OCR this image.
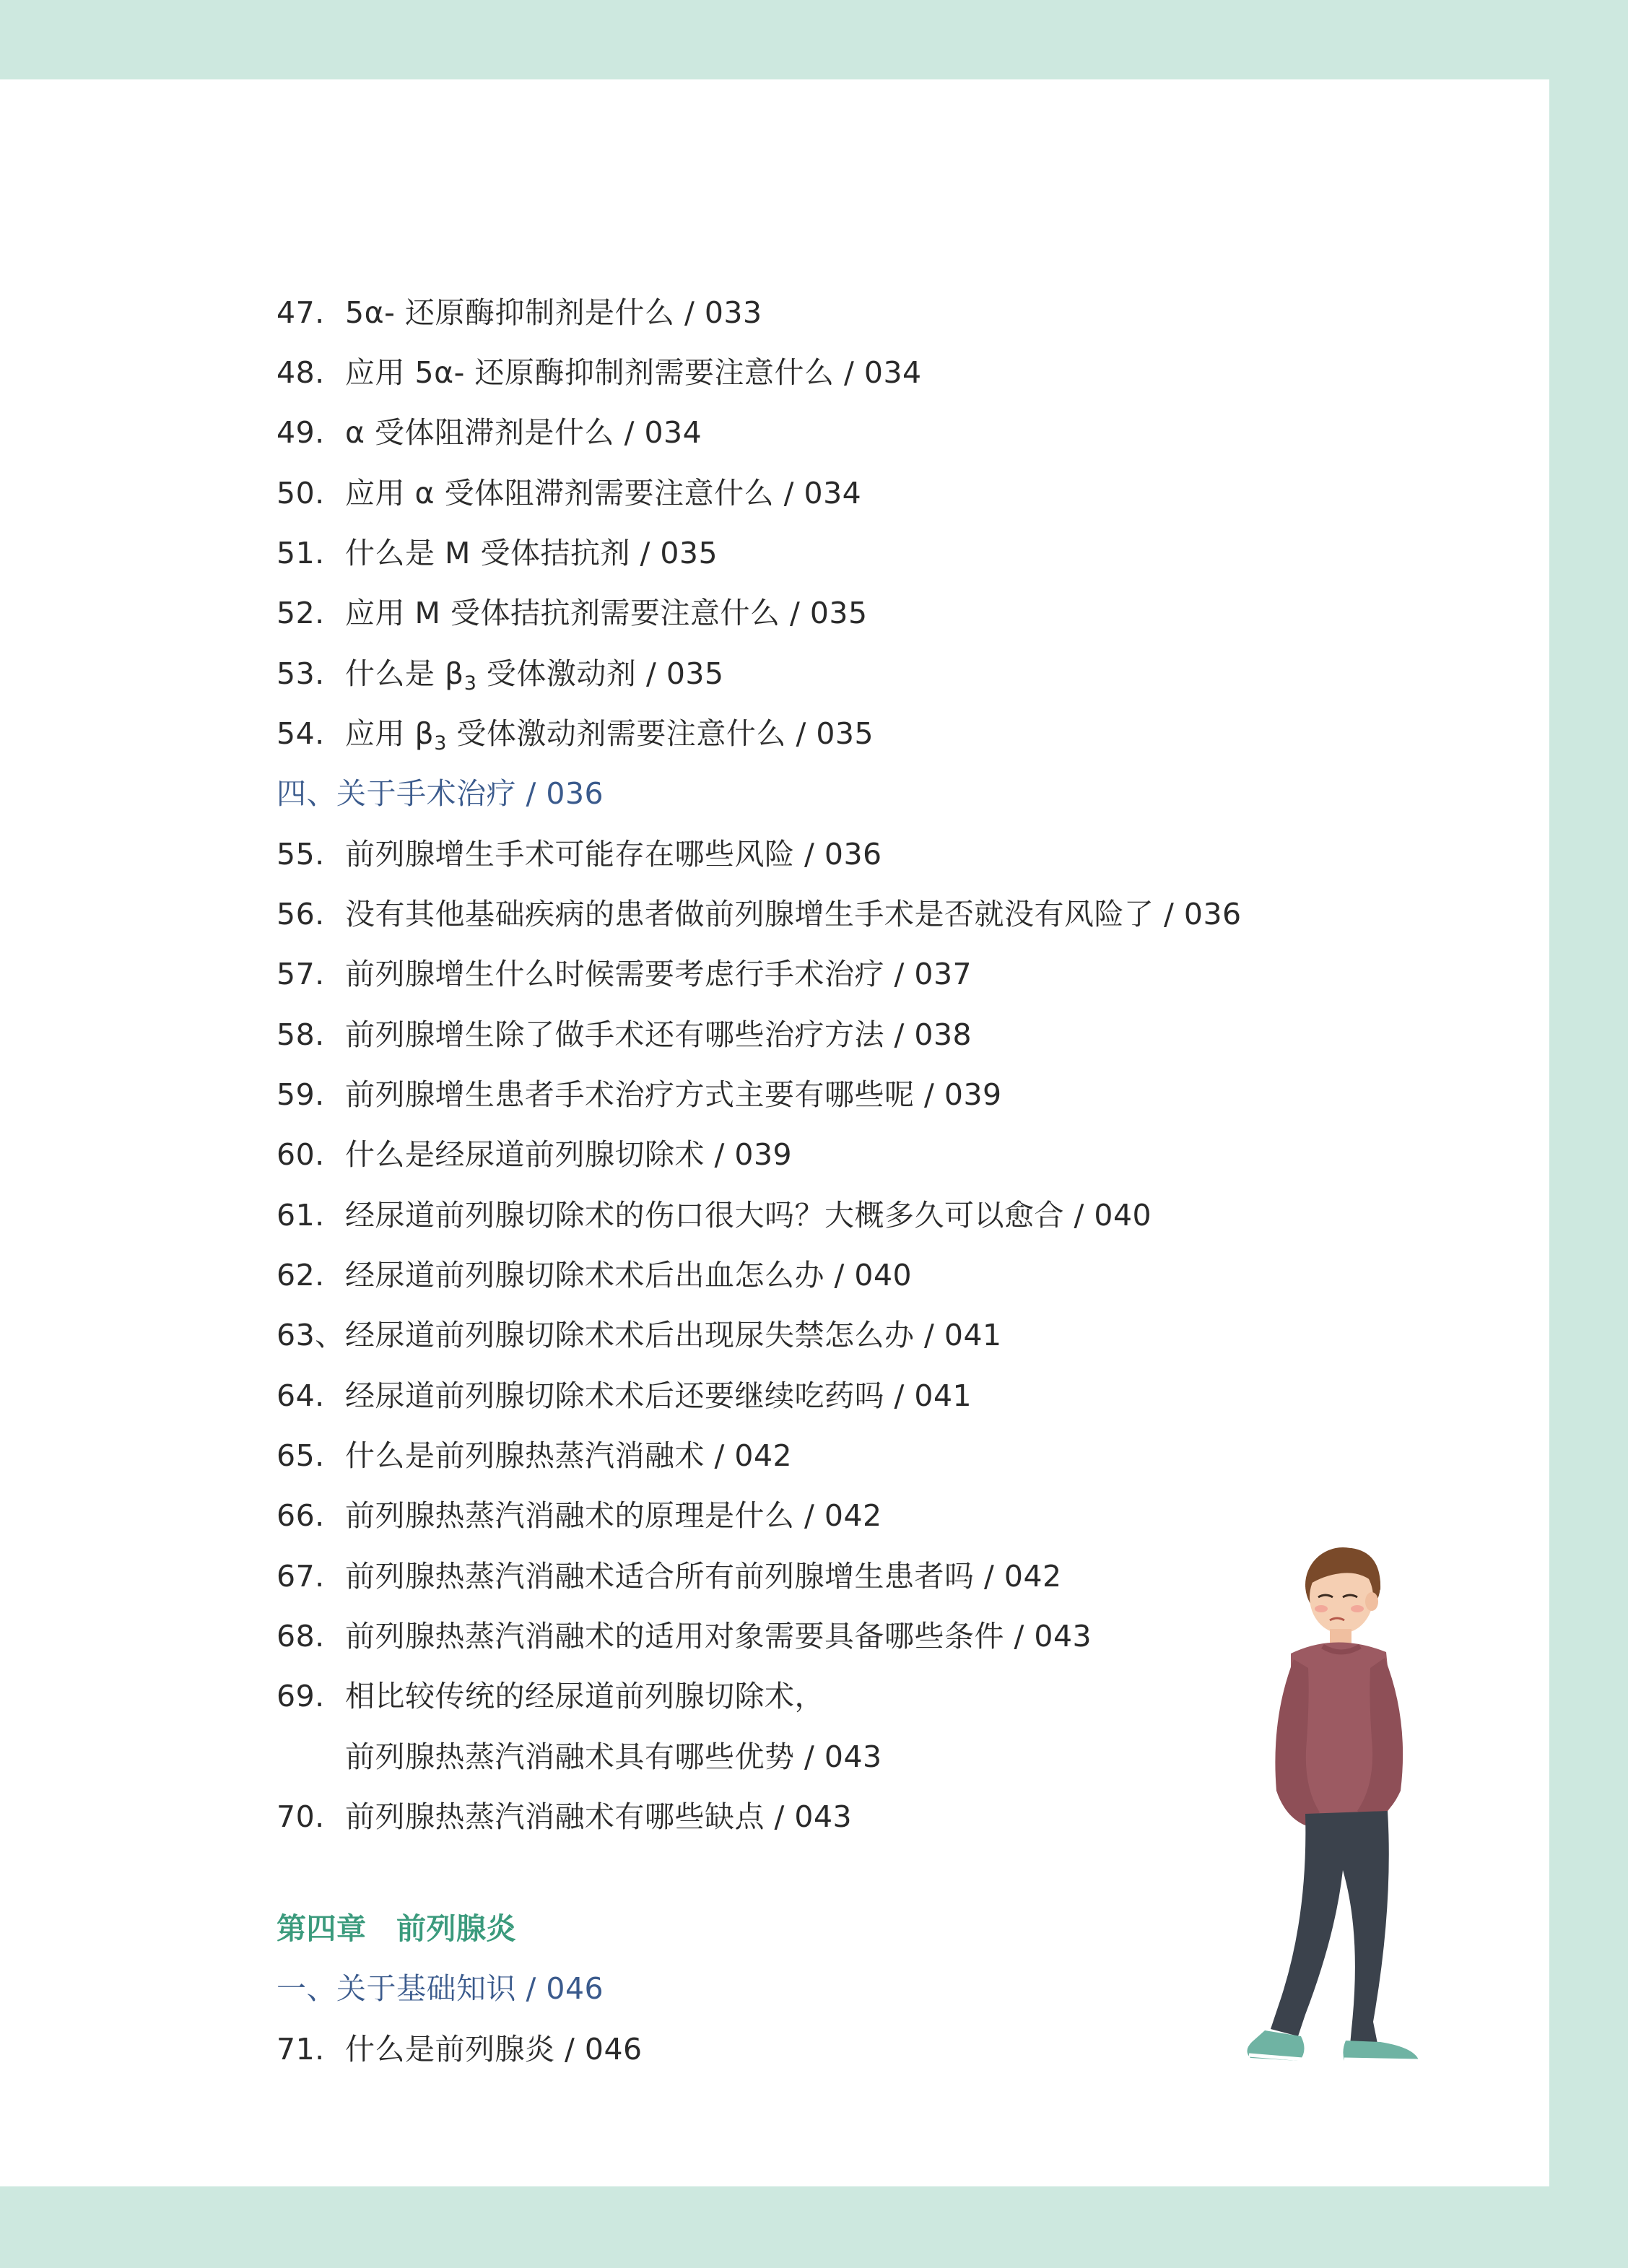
47. 5α- 还原酶抑制剂是什么 / 033
48. 应用 5α- 还原酶抑制剂需要注意什么 / 034
49. α 受体阻滞剂是什么 / 034
50. 应用 α 受体阻滞剂需要注意什么 / 034
51. 什么是 M 受体拮抗剂 / 035
52. 应用 M 受体拮抗剂需要注意什么 / 035
53. 什么是 $\beta_3$ 受体激动剂 / 035
54. 应用 $\beta_3$ 受体激动剂需要注意什么 / 035
四、关于手术治疗 / 036
55. 前列腺增生手术可能存在哪些风险 / 036
56. 没有其他基础疾病的患者做前列腺增生手术是否就没有风险了 / 036
57. 前列腺增生什么时候需要考虑行手术治疗 / 037
58. 前列腺增生除了做手术还有哪些治疗方法 / 038
59. 前列腺增生患者手术治疗方式主要有哪些呢 / 039
60. 什么是经尿道前列腺切除术 / 039
61. 经尿道前列腺切除术的伤口很大吗？大概多久可以愈合 / 040
62. 经尿道前列腺切除术术后出血怎么办 / 040
63、经尿道前列腺切除术术后出现尿失禁怎么办 / 041
64. 经尿道前列腺切除术术后还要继续吃药吗 / 041
65. 什么是前列腺热蒸汽消融术 / 042
66. 前列腺热蒸汽消融术的原理是什么 / 042
67. 前列腺热蒸汽消融术适合所有前列腺增生患者吗 / 042
68. 前列腺热蒸汽消融术的适用对象需要具备哪些条件 / 043
69. 相比较传统的经尿道前列腺切除术，
前列腺热蒸汽消融术具有哪些优势 / 043
70. 前列腺热蒸汽消融术有哪些缺点 / 043
第四章　前列腺炎
一、关于基础知识 / 046
71. 什么是前列腺炎 / 046
